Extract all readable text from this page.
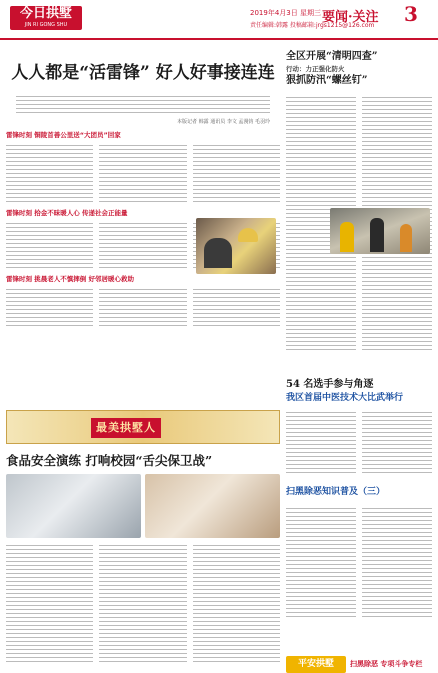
今日拱墅
JIN RI GONG SHU
2019年4月3日 星期三
责任编辑:韩露 投稿邮箱:jrgs1215@126.com
要闻·关注 3
人人都是“活雷锋” 好人好事接连连
本版记者 韩露 通讯员 李文 孟漫钧 毛羽玲
雷锋时刻 铜陵首善公里送“大团员”回家
雷锋时刻 拾金不昧暖人心 传递社会正能量
雷锋时刻 挑晨老人不慎摔倒 好邻居暖心救助
最美拱墅人
全区开展“清明四查”
行动：力正强化防火
狠抓防汛“螺丝钉”
54 名选手参与角逐
我区首届中医技术大比武举行
食品安全演练 打响校园“舌尖保卫战”
扫黑除恶知识普及（三）
平安拱墅	扫黑除恶 专项斗争专栏
